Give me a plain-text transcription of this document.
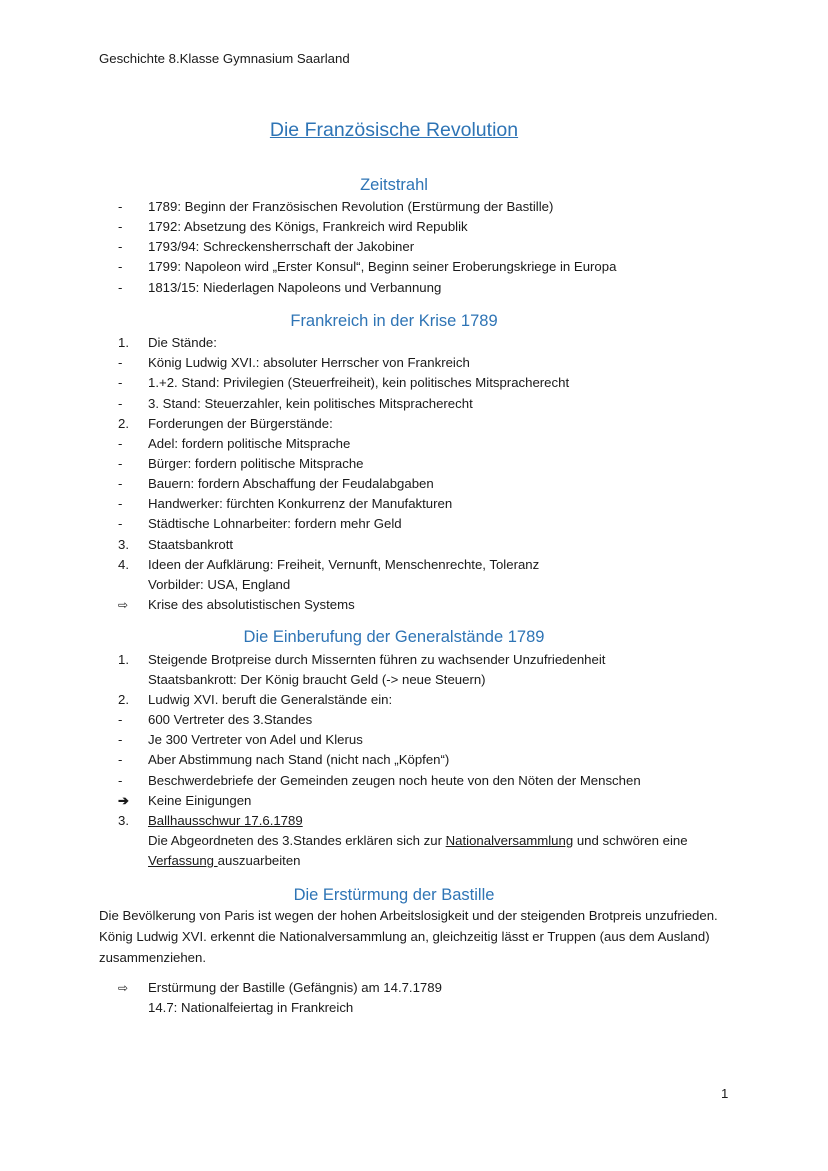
Geschichte 8.Klasse Gymnasium Saarland
Die Französische Revolution
Zeitstrahl
-	1789: Beginn der Französischen Revolution (Erstürmung der Bastille)
-	1792: Absetzung des Königs, Frankreich wird Republik
-	1793/94: Schreckensherrschaft der Jakobiner
-	1799: Napoleon wird „Erster Konsul“, Beginn seiner Eroberungskriege in Europa
-	1813/15: Niederlagen Napoleons und Verbannung
Frankreich in der Krise 1789
1.	Die Stände:
-	König Ludwig XVI.: absoluter Herrscher von Frankreich
-	1.+2. Stand: Privilegien (Steuerfreiheit), kein politisches Mitspracherecht
-	3. Stand: Steuerzahler, kein politisches Mitspracherecht
2.	Forderungen der Bürgerstände:
-	Adel: fordern politische Mitsprache
-	Bürger: fordern politische Mitsprache
-	Bauern: fordern Abschaffung der Feudalabgaben
-	Handwerker: fürchten Konkurrenz der Manufakturen
-	Städtische Lohnarbeiter: fordern mehr Geld
3.	Staatsbankrott
4.	Ideen der Aufklärung: Freiheit, Vernunft, Menschenrechte, Toleranz
Vorbilder: USA, England
⇨	Krise des absolutistischen Systems
Die Einberufung der Generalstände 1789
1.	Steigende Brotpreise durch Missernten führen zu wachsender Unzufriedenheit
Staatsbankrott: Der König braucht Geld (-> neue Steuern)
2.	Ludwig XVI. beruft die Generalstände ein:
-	600 Vertreter des 3.Standes
-	Je 300 Vertreter von Adel und Klerus
-	Aber Abstimmung nach Stand (nicht nach „Köpfen“)
-	Beschwerdebriefe der Gemeinden zeugen noch heute von den Nöten der Menschen
➔	Keine Einigungen
3.	Ballhausschwur 17.6.1789
Die Abgeordneten des 3.Standes erklären sich zur Nationalversammlung und schwören eine
Verfassung auszuarbeiten
Die Erstürmung der Bastille
Die Bevölkerung von Paris ist wegen der hohen Arbeitslosigkeit und der steigenden Brotpreis unzufrieden. König Ludwig XVI. erkennt die Nationalversammlung an, gleichzeitig lässt er Truppen (aus dem Ausland) zusammenziehen.
⇨	Erstürmung der Bastille (Gefängnis) am 14.7.1789
14.7: Nationalfeiertag in Frankreich
1
